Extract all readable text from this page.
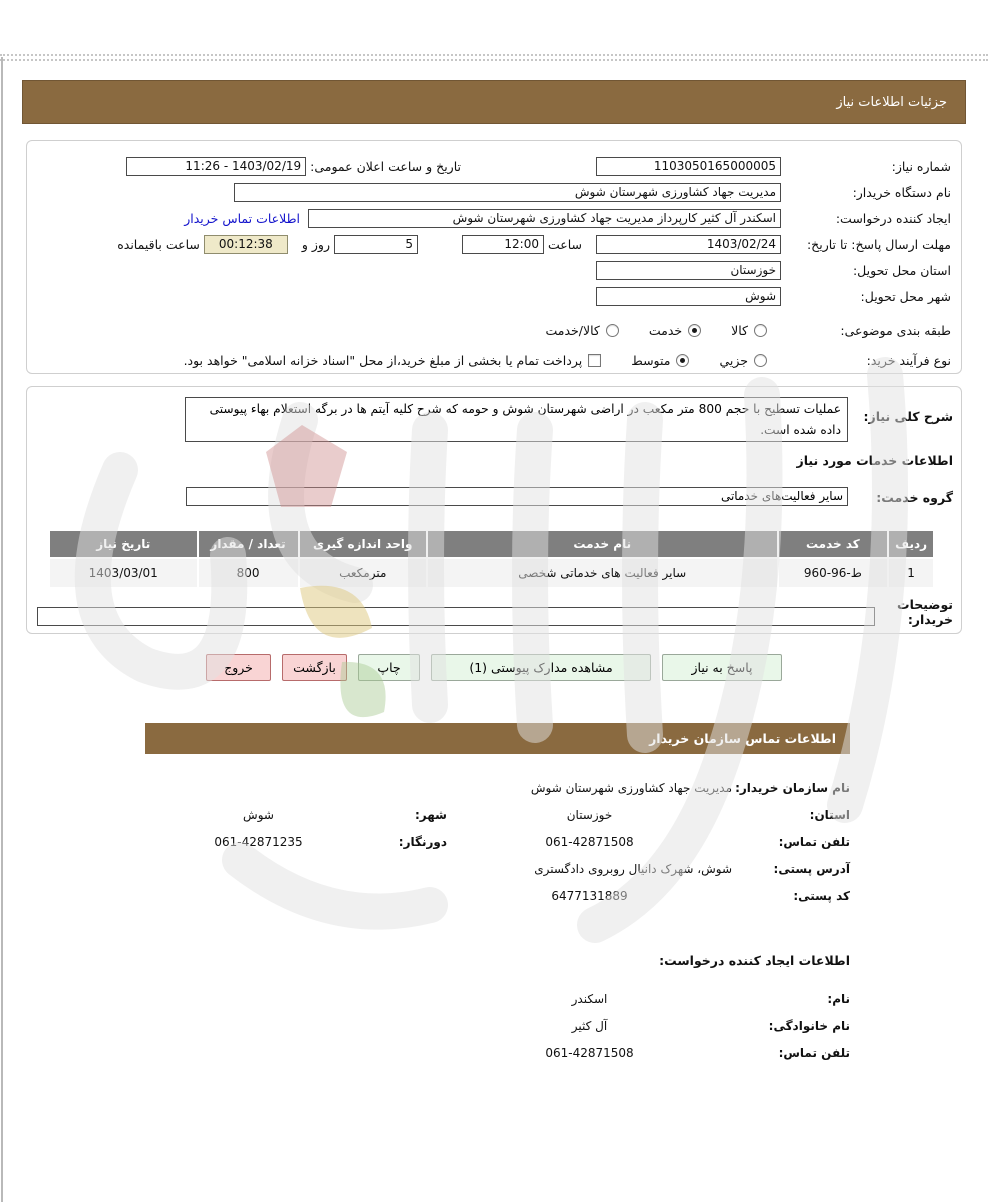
جزئیات اطلاعات نیاز
شماره نیاز:
1103050165000005
تاریخ و ساعت اعلان عمومی:
11:26 - 1403/02/19
نام دستگاه خریدار:
مدیریت جهاد کشاورزی شهرستان شوش
ایجاد کننده درخواست:
اسکندر آل کثیر کارپرداز مدیریت جهاد کشاورزی شهرستان شوش
اطلاعات تماس خریدار
مهلت ارسال پاسخ: تا تاریخ:
1403/02/24
ساعت
12:00
5
روز و
00:12:38
ساعت باقیمانده
استان محل تحویل:
خوزستان
شهر محل تحویل:
شوش
طبقه بندی موضوعی:
کالا
خدمت
کالا/خدمت
نوع فرآیند خرید:
جزیي
متوسط
پرداخت تمام یا بخشی از مبلغ خرید،از محل "اسناد خزانه اسلامی" خواهد بود.
شرح کلی نیاز:
عملیات تسطیح با حجم 800 متر مکعب در اراضی شهرستان شوش و حومه که شرح کلیه آیتم ها در برگه استعلام بهاء پیوستی داده شده است.
اطلاعات خدمات مورد نیاز
گروه خدمت:
سایر فعالیت‌های خدماتی
ردیف	کد خدمت	نام خدمت	واحد اندازه گیری	تعداد / مقدار	تاریخ نیاز
1	960-96-ط	سایر فعالیت های خدماتی شخصی	مترمکعب	800	1403/03/01
توضیحات
خریدار:
پاسخ به نیاز
مشاهده مدارک پیوستی (1)
چاپ
بازگشت
خروج
اطلاعات تماس سازمان خریدار
نام سازمان خریدار:
مدیریت جهاد کشاورزی شهرستان شوش
استان:
خوزستان
شهر:
شوش
تلفن تماس:
061-42871508
دورنگار:
061-42871235
آدرس پستی:
شوش، شهرک دانیال روبروی دادگستری
کد پستی:
6477131889
اطلاعات ایجاد کننده درخواست:
نام:
اسکندر
نام خانوادگی:
آل کثیر
تلفن تماس:
061-42871508
